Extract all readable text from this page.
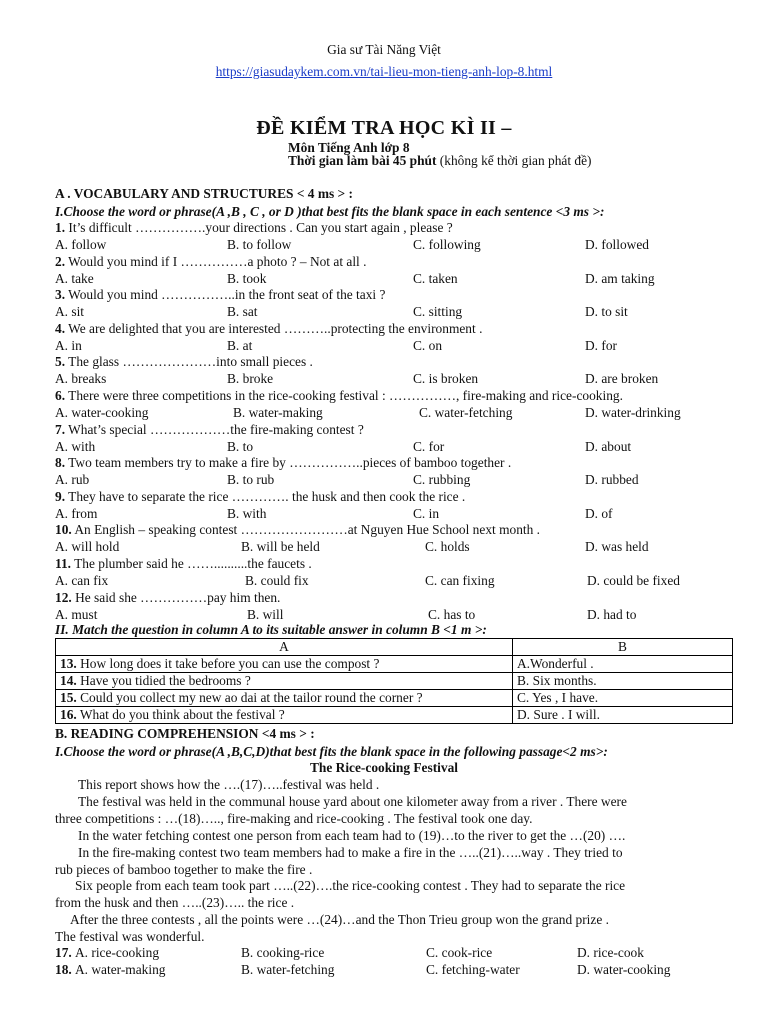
Gia sư Tài Năng Việt
https://giasudaykem.com.vn/tai-lieu-mon-tieng-anh-lop-8.html
ĐỀ KIỂM TRA HỌC KÌ II –
Môn Tiếng Anh lớp 8
Thời gian làm bài 45 phút (không kể thời gian phát đề)
A . VOCABULARY AND STRUCTURES < 4 ms > :
I.Choose the word or phrase(A ,B , C , or D )that best fits the blank space in each sentence <3 ms >:
1. It’s difficult …………….your directions . Can you start again , please ?
A. follow	B. to follow	C. following	D. followed
2. Would you mind if I ……………a photo ? – Not at all .
A. take	B. took	C. taken	D. am taking
3. Would you mind ……………..in the front seat of the taxi ?
A. sit	B. sat	C. sitting	D. to sit
4. We are delighted that you are interested ………..protecting the environment .
A. in	B. at	C. on	D. for
5. The glass …………………into small pieces .
A. breaks	B. broke	C. is broken	D. are broken
6. There were three competitions in the rice-cooking festival : ……………, fire-making and rice-cooking.
A. water-cooking	B. water-making	C. water-fetching	D. water-drinking
7. What’s special ………………the fire-making contest ?
A. with	B. to	C. for	D. about
8. Two team members try to make a fire by ……………..pieces of bamboo together .
A. rub	B. to rub	C. rubbing	D. rubbed
9. They have to separate the rice …………. the husk and then cook the rice .
A. from	B. with	C. in	D. of
10. An English – speaking contest ……………………at Nguyen Hue School next month .
A. will hold	B. will be held	C. holds	D. was held
11. The plumber said he ……..........the faucets .
A. can fix	B. could fix	C. can fixing	D. could be fixed
12. He said she ……………pay him then.
A. must	B. will	C. has to	D. had to
II. Match the question in column A to its suitable answer in column B <1 m >:
A	B
13. How long does it take before you can use the compost ?	A.Wonderful .
14. Have you tidied the bedrooms ?	B. Six months.
15. Could you collect my new ao dai at the tailor round the corner ?	C. Yes , I have.
16. What do you think about the festival ?	D. Sure . I will.
B. READING COMPREHENSION <4 ms > :
I.Choose the word or phrase(A ,B,C,D)that best fits the blank space in the following passage<2 ms>:
The Rice-cooking Festival
This report shows how the ….(17)…..festival was held .
The festival was held in the communal house yard about one kilometer away from a river . There were
three competitions : …(18)….., fire-making and rice-cooking . The festival took one day.
In the water fetching contest one person from each team had to (19)…to the river to get the …(20) ….
In the fire-making contest two team members had to make a fire in the …..(21)…..way . They tried to
rub pieces of bamboo together to make the fire .
Six people from each team took part …..(22)….the rice-cooking contest . They had to separate the rice
from the husk and then …..(23)….. the rice .
After the three contests , all the points were …(24)…and the Thon Trieu group won the grand prize .
The festival was wonderful.
17. A. rice-cooking	B. cooking-rice	C. cook-rice	D. rice-cook
18. A. water-making	B. water-fetching	C. fetching-water	D. water-cooking
